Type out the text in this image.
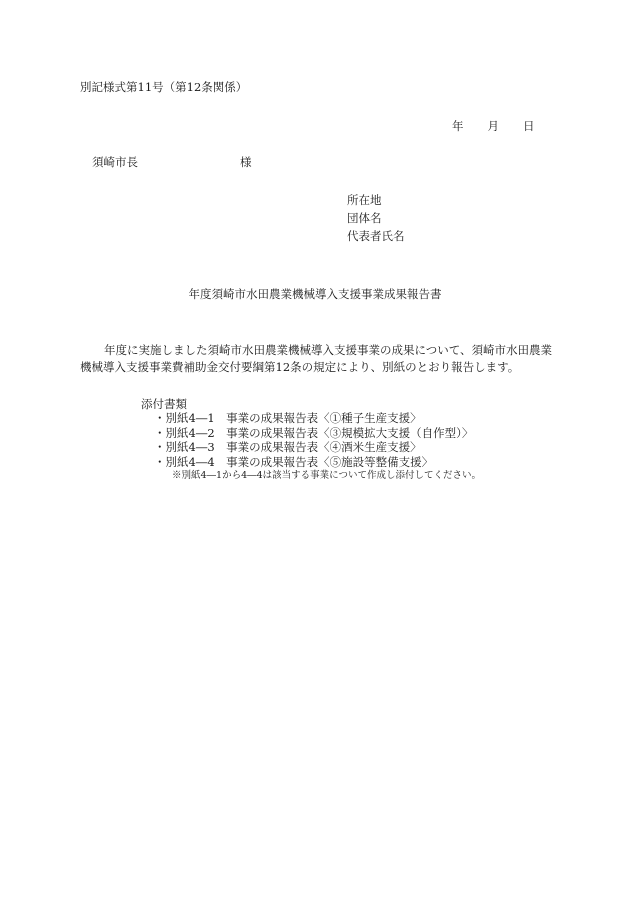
別記様式第11号（第12条関係）
年 月 日
須崎市長	様
所在地
団体名
代表者氏名
年度須崎市水田農業機械導入支援事業成果報告書
年度に実施しました須崎市水田農業機械導入支援事業の成果について、須崎市水田農業機械導入支援事業費補助金交付要綱第12条の規定により、別紙のとおり報告します。
添付書類
・別紙4―1　事業の成果報告表〈①種子生産支援〉
・別紙4―2　事業の成果報告表〈③規模拡大支援（自作型）〉
・別紙4―3　事業の成果報告表〈④酒米生産支援〉
・別紙4―4　事業の成果報告表〈⑤施設等整備支援〉
※別紙4―1から4―4は該当する事業について作成し添付してください。
